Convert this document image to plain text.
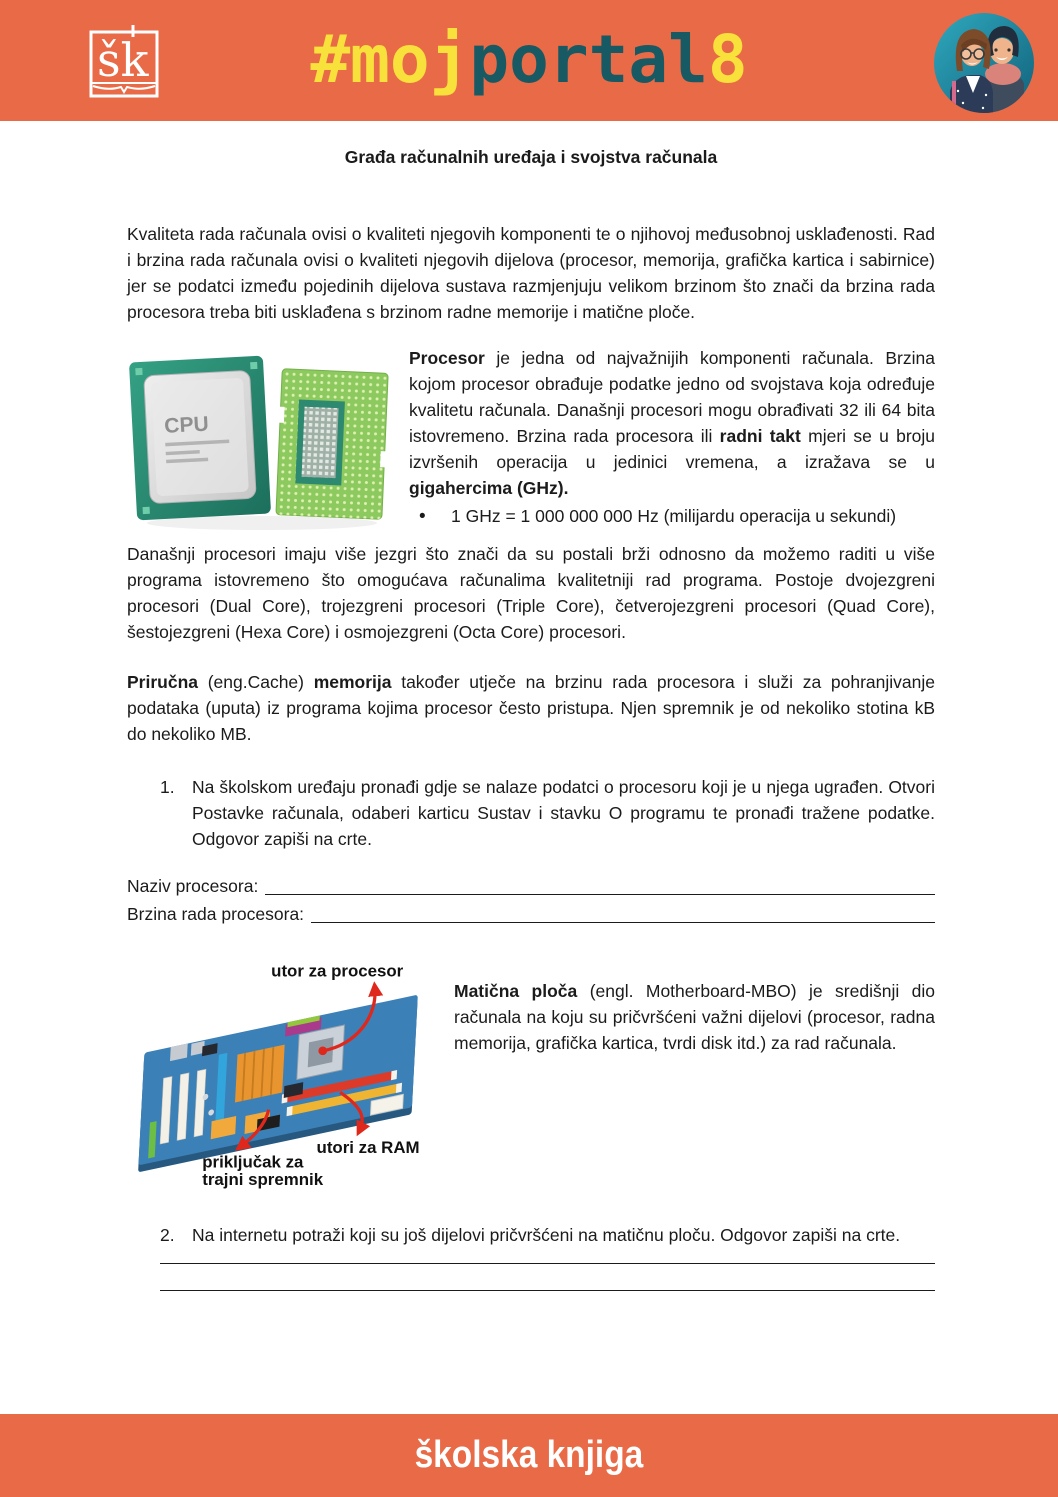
šk #mojportal8
Građa računalnih uređaja i svojstva računala

Kvaliteta rada računala ovisi o kvaliteti njegovih komponenti te o njihovoj međusobnoj usklađenosti. Rad i brzina rada računala ovisi o kvaliteti njegovih dijelova (procesor, memorija, grafička kartica i sabirnice) jer se podatci između pojedinih dijelova sustava razmjenjuju velikom brzinom što znači da brzina rada procesora treba biti usklađena s brzinom radne memorije i matične ploče.

CPU

Procesor je jedna od najvažnijih komponenti računala. Brzina kojom procesor obrađuje podatke jedno od svojstava koja određuje kvalitetu računala. Današnji procesori mogu obrađivati 32 ili 64 bita istovremeno. Brzina rada procesora ili radni takt mjeri se u broju izvršenih operacija u jedinici vremena, a izražava se u gigahercima (GHz).

•	1 GHz = 1 000 000 000 Hz (milijardu operacija u sekundi)

Današnji procesori imaju više jezgri što znači da su postali brži odnosno da možemo raditi u više programa istovremeno što omogućava računalima kvalitetniji rad programa. Postoje dvojezgreni procesori (Dual Core), trojezgreni procesori (Triple Core), četverojezgreni procesori (Quad Core), šestojezgreni (Hexa Core) i osmojezgreni (Octa Core) procesori.

Priručna (eng.Cache) memorija također utječe na brzinu rada procesora i služi za pohranjivanje podataka (uputa) iz programa kojima procesor često pristupa. Njen spremnik je od nekoliko stotina kB do nekoliko MB.

1. Na školskom uređaju pronađi gdje se nalaze podatci o procesoru koji je u njega ugrađen. Otvori Postavke računala, odaberi karticu Sustav i stavku O programu te pronađi tražene podatke. Odgovor zapiši na crte.

Naziv procesora:
Brzina rada procesora:
utor za procesor
utori za RAM
priključak za
trajni spremnik

Matična ploča (engl. Motherboard-MBO) je središnji dio računala na koju su pričvršćeni važni dijelovi (procesor, radna memorija, grafička kartica, tvrdi disk itd.) za rad računala.

2. Na internetu potraži koji su još dijelovi pričvršćeni na matičnu ploču. Odgovor zapiši na crte.

školska knjiga
